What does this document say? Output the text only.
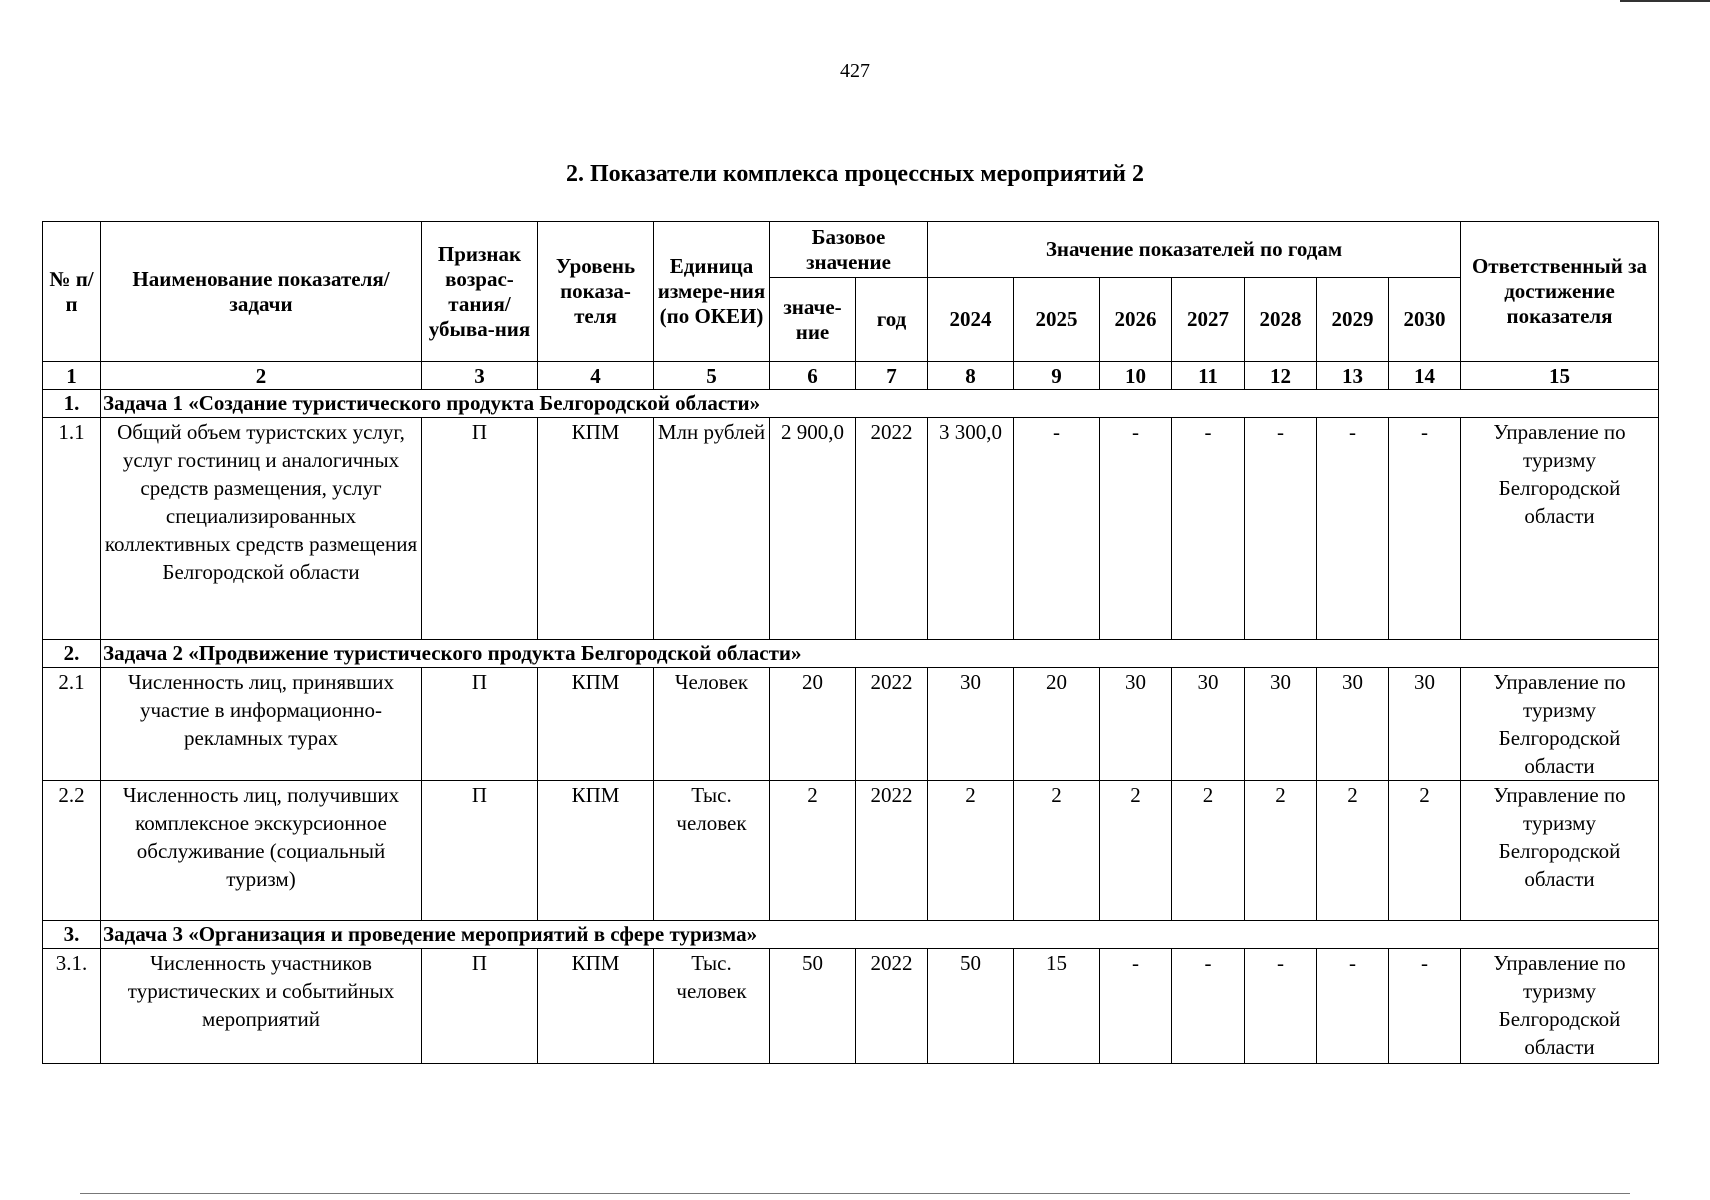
427
2. Показатели комплекса процессных мероприятий 2
№ п/п	Наименование показателя/задачи	Признак возрас-тания/ убыва-ния	Уровень показа-теля	Единица измере-ния (по ОКЕИ)	Базовое значение		Значение показателей по годам							Ответственный за достижение показателя
					значе-ние	год	2024	2025	2026	2027	2028	2029	2030	
1	2	3	4	5	6	7	8	9	10	11	12	13	14	15
1.	Задача 1 «Создание туристического продукта Белгородской области»													
1.1	Общий объем туристских услуг, услуг гостиниц и аналогичных средств размещения, услуг специализированных коллективных средств размещения Белгородской области	П	КПМ	Млн рублей	2 900,0	2022	3 300,0	-	-	-	-	-	-	Управление по туризму Белгородской области
2.	Задача 2 «Продвижение туристического продукта Белгородской области»													
2.1	Численность лиц, принявших участие в информационно-рекламных турах	П	КПМ	Человек	20	2022	30	20	30	30	30	30	30	Управление по туризму Белгородской области
2.2	Численность лиц, получивших комплексное экскурсионное обслуживание (социальный туризм)	П	КПМ	Тыс. человек	2	2022	2	2	2	2	2	2	2	Управление по туризму Белгородской области
3.	Задача 3 «Организация и проведение мероприятий в сфере туризма»													
3.1.	Численность участников туристических и событийных мероприятий	П	КПМ	Тыс. человек	50	2022	50	15	-	-	-	-	-	Управление по туризму Белгородской области
